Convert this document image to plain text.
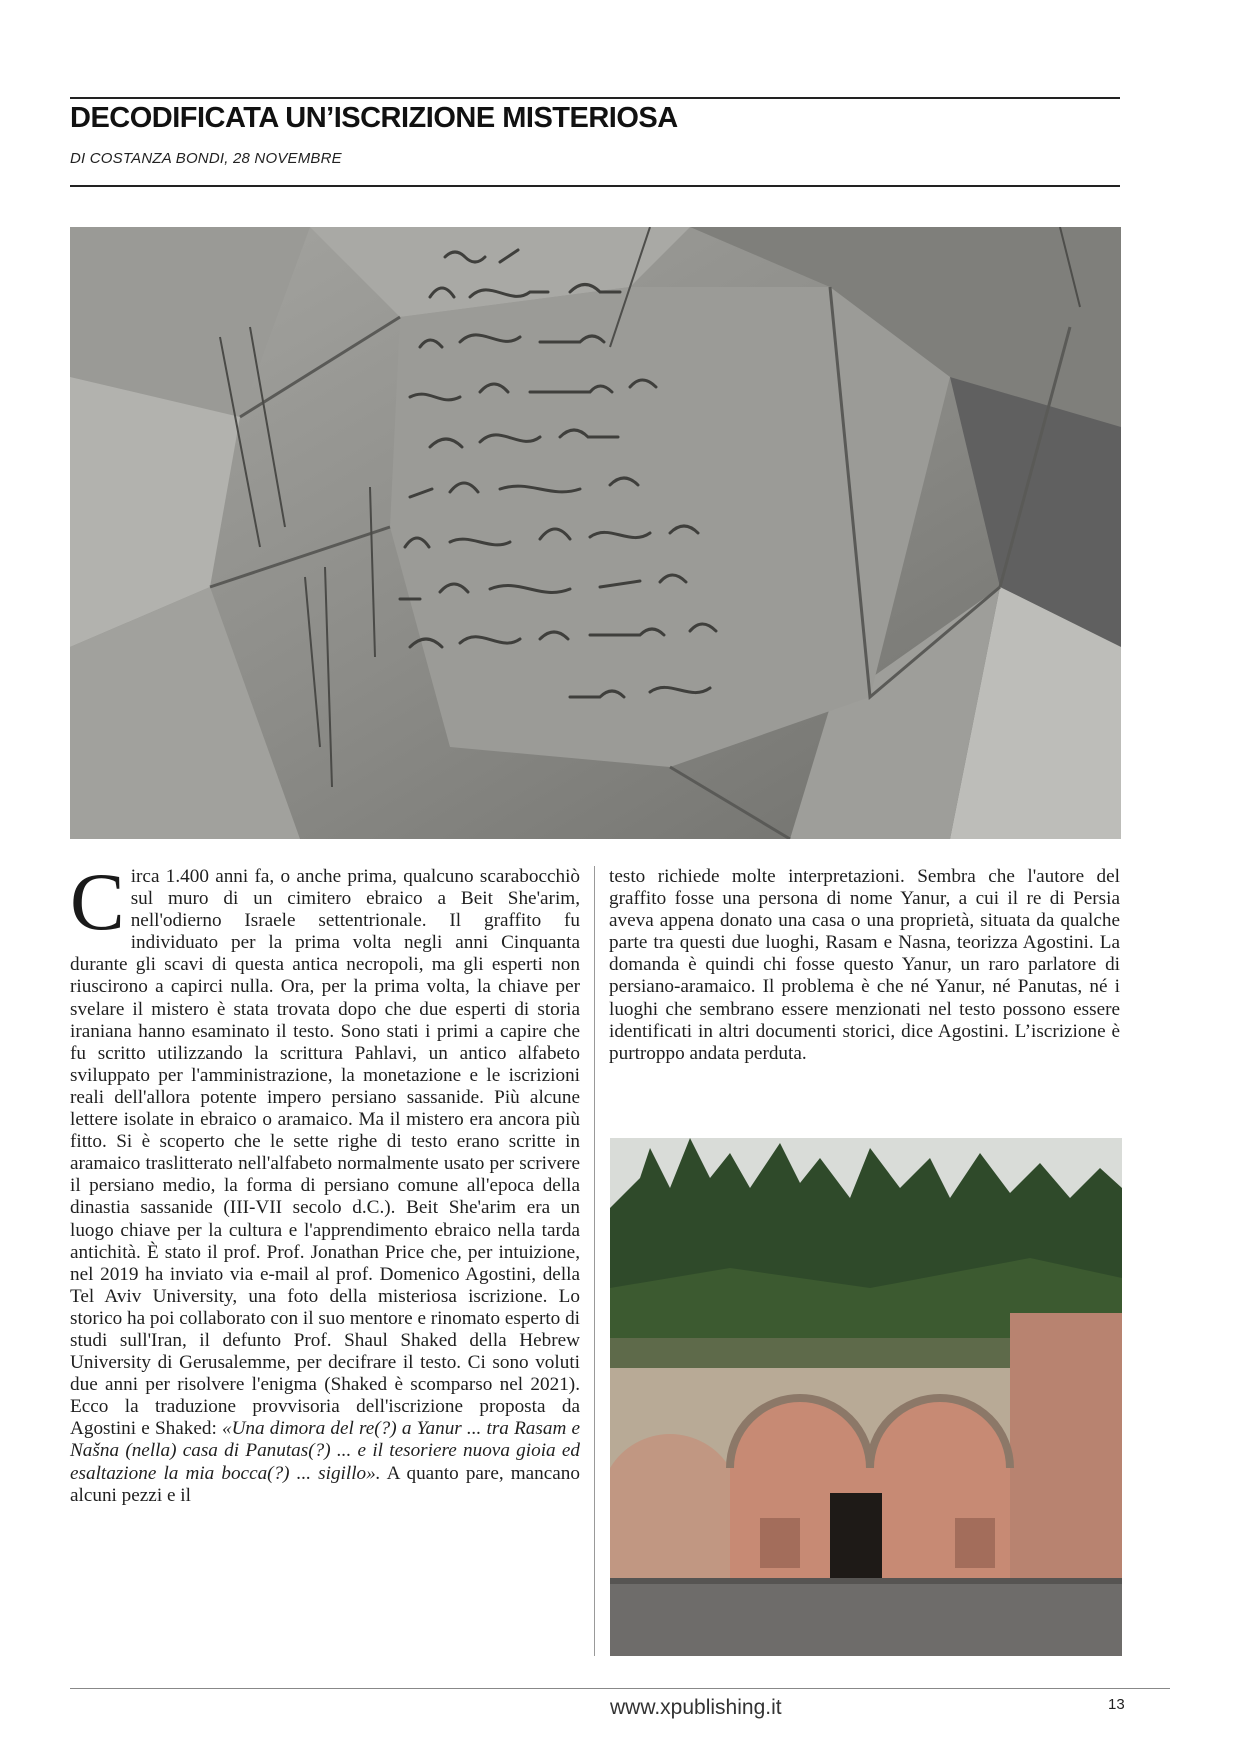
DECODIFICATA UN’ISCRIZIONE MISTERIOSA

DI COSTANZA BONDI, 28 NOVEMBRE

Circa 1.400 anni fa, o anche prima, qualcuno scarabocchiò sul muro di un cimitero ebraico a Beit She'arim, nell'odierno Israele settentrionale. Il graffito fu individuato per la prima volta negli anni Cinquanta durante gli scavi di questa antica necropoli, ma gli esperti non riuscirono a capirci nulla. Ora, per la prima volta, la chiave per svelare il mistero è stata trovata dopo che due esperti di storia iraniana hanno esaminato il testo. Sono stati i primi a capire che fu scritto utilizzando la scrittura Pahlavi, un antico alfabeto sviluppato per l'amministrazione, la monetazione e le iscrizioni reali dell'allora potente impero persiano sassanide. Più alcune lettere isolate in ebraico o aramaico. Ma il mistero era ancora più fitto. Si è scoperto che le sette righe di testo erano scritte in aramaico traslitterato nell'alfabeto normalmente usato per scrivere il persiano medio, la forma di persiano comune all'epoca della dinastia sassanide (III-VII secolo d.C.). Beit She'arim era un luogo chiave per la cultura e l'apprendimento ebraico nella tarda antichità. È stato il prof. Prof. Jonathan Price che, per intuizione, nel 2019 ha inviato via e-mail al prof. Domenico Agostini, della Tel Aviv University, una foto della misteriosa iscrizione. Lo storico ha poi collaborato con il suo mentore e rinomato esperto di studi sull'Iran, il defunto Prof. Shaul Shaked della Hebrew University di Gerusalemme, per decifrare il testo. Ci sono voluti due anni per risolvere l'enigma (Shaked è scomparso nel 2021). Ecco la traduzione provvisoria dell'iscrizione proposta da Agostini e Shaked: «Una dimora del re(?) a Yanur ... tra Rasam e Našna (nella) casa di Panutas(?) ... e il tesoriere nuova gioia ed esaltazione la mia bocca(?) ... sigillo». A quanto pare, mancano alcuni pezzi e il

testo richiede molte interpretazioni. Sembra che l'autore del graffito fosse una persona di nome Yanur, a cui il re di Persia aveva appena donato una casa o una proprietà, situata da qualche parte tra questi due luoghi, Rasam e Nasna, teorizza Agostini. La domanda è quindi chi fosse questo Yanur, un raro parlatore di persiano-aramaico. Il problema è che né Yanur, né Panutas, né i luoghi che sembrano essere menzionati nel testo possono essere identificati in altri documenti storici, dice Agostini. L’iscrizione è purtroppo andata perduta.

www.xpublishing.it	13
